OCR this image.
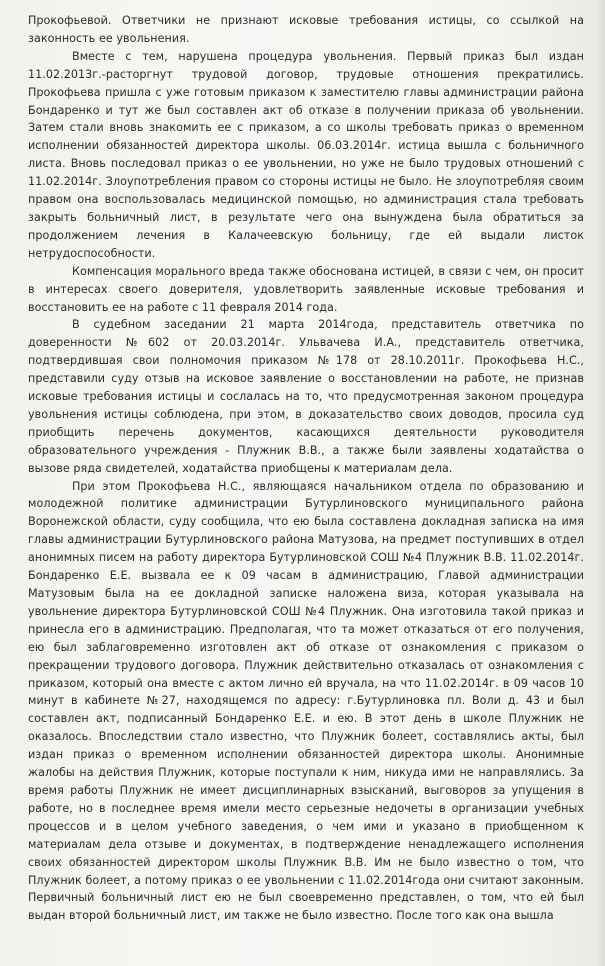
Прокофьевой. Ответчики не признают исковые требования истицы, со ссылкой на законность ее увольнения.

Вместе с тем, нарушена процедура увольнения. Первый приказ был издан 11.02.2013г.-расторгнут трудовой договор, трудовые отношения прекратились. Прокофьева пришла с уже готовым приказом к заместителю главы администрации района Бондаренко и тут же был составлен акт об отказе в получении приказа об увольнении. Затем стали вновь знакомить ее с приказом, а со школы требовать приказ о временном исполнении обязанностей директора школы. 06.03.2014г. истица вышла с больничного листа. Вновь последовал приказ о ее увольнении, но уже не было трудовых отношений с 11.02.2014г. Злоупотребления правом со стороны истицы не было. Не злоупотребляя своим правом она воспользовалась медицинской помощью, но администрация стала требовать закрыть больничный лист, в результате чего она вынуждена была обратиться за продолжением лечения в Калачеевскую больницу, где ей выдали листок нетрудоспособности.

Компенсация морального вреда также обоснована истицей, в связи с чем, он просит в интересах своего доверителя, удовлетворить заявленные исковые требования и восстановить ее на работе с 11 февраля 2014 года.

В судебном заседании 21 марта 2014года, представитель ответчика по доверенности №602 от 20.03.2014г. Ульвачева И.А., представитель ответчика, подтвердившая свои полномочия приказом №178 от 28.10.2011г. Прокофьева Н.С., представили суду отзыв на исковое заявление о восстановлении на работе, не признав исковые требования истицы и сослалась на то, что предусмотренная законом процедура увольнения истицы соблюдена, при этом, в доказательство своих доводов, просила суд приобщить перечень документов, касающихся деятельности руководителя образовательного учреждения - Плужник В.В., а также были заявлены ходатайства о вызове ряда свидетелей, ходатайства приобщены к материалам дела.

При этом Прокофьева Н.С., являющаяся начальником отдела по образованию и молодежной политике администрации Бутурлиновского муниципального района Воронежской области, суду сообщила, что ею была составлена докладная записка на имя главы администрации Бутурлиновского района Матузова, на предмет поступивших в отдел анонимных писем на работу директора Бутурлиновской СОШ №4 Плужник В.В. 11.02.2014г. Бондаренко Е.Е. вызвала ее к 09 часам в администрацию, Главой администрации Матузовым была на ее докладной записке наложена виза, которая указывала на увольнение директора Бутурлиновской СОШ №4 Плужник. Она изготовила такой приказ и принесла его в администрацию. Предполагая, что та может отказаться от его получения, ею был заблаговременно изготовлен акт об отказе от ознакомления с приказом о прекращении трудового договора. Плужник действительно отказалась от ознакомления с приказом, который она вместе с актом лично ей вручала, на что 11.02.2014г. в 09 часов 10 минут в кабинете №27, находящемся по адресу: г.Бутурлиновка пл. Воли д. 43 и был составлен акт, подписанный Бондаренко Е.Е. и ею. В этот день в школе Плужник не оказалось. Впоследствии стало известно, что Плужник болеет, составлялись акты, был издан приказ о временном исполнении обязанностей директора школы. Анонимные жалобы на действия Плужник, которые поступали к ним, никуда ими не направлялись. За время работы Плужник не имеет дисциплинарных взысканий, выговоров за упущения в работе, но в последнее время имели место серьезные недочеты в организации учебных процессов и в целом учебного заведения, о чем ими и указано в приобщенном к материалам дела отзыве и документах, в подтверждение ненадлежащего исполнения своих обязанностей директором школы Плужник В.В. Им не было известно о том, что Плужник болеет, а потому приказ о ее увольнении с 11.02.2014года они считают законным. Первичный больничный лист ею не был своевременно представлен, о том, что ей был выдан второй больничный лист, им также не было известно. После того как она вышла
